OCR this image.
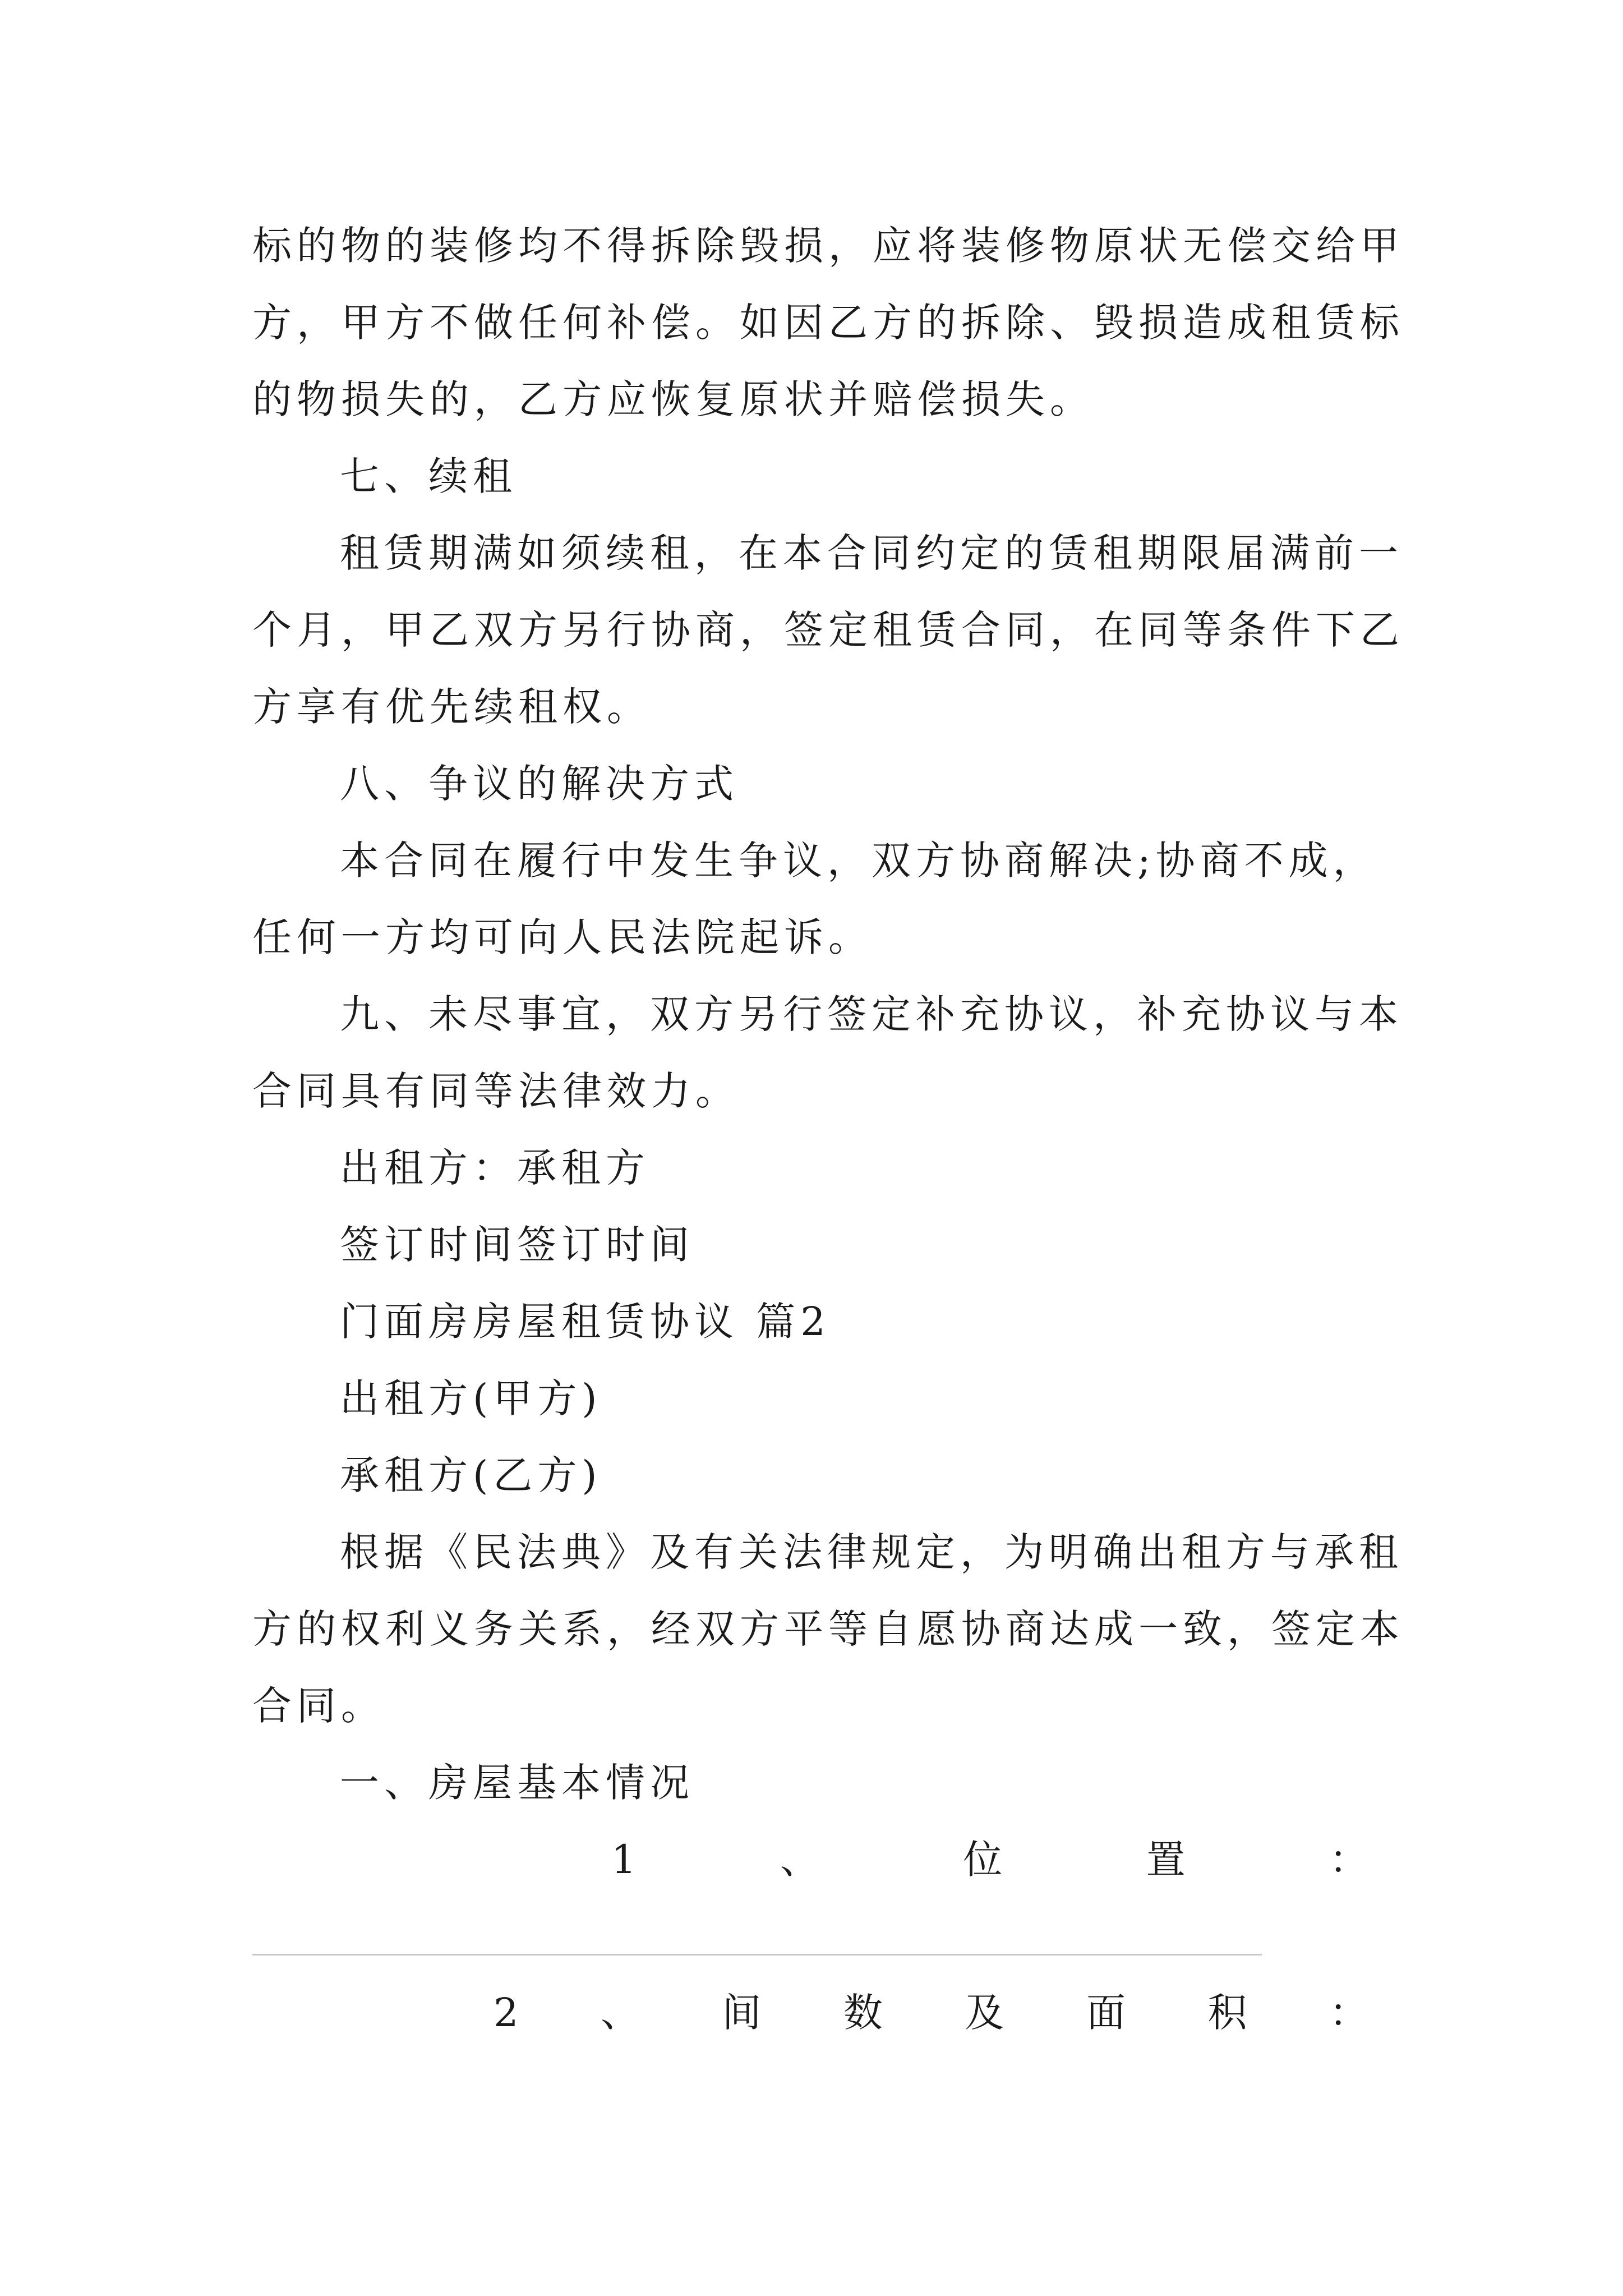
标的物的装修均不得拆除毁损，应将装修物原状无偿交给甲
方，甲方不做任何补偿。如因乙方的拆除、毁损造成租赁标
的物损失的，乙方应恢复原状并赔偿损失。
七、续租
租赁期满如须续租，在本合同约定的赁租期限届满前一
个月，甲乙双方另行协商，签定租赁合同，在同等条件下乙
方享有优先续租权。
八、争议的解决方式
本合同在履行中发生争议，双方协商解决;协商不成，
任何一方均可向人民法院起诉。
九、未尽事宜，双方另行签定补充协议，补充协议与本
合同具有同等法律效力。
出租方：承租方
签订时间签订时间
门面房房屋租赁协议 篇2
出租方(甲方)
承租方(乙方)
根据《民法典》及有关法律规定，为明确出租方与承租
方的权利义务关系，经双方平等自愿协商达成一致，签定本
合同。
一、房屋基本情况
1	、	位	置	：
2 、 间 数 及 面 积 ：
